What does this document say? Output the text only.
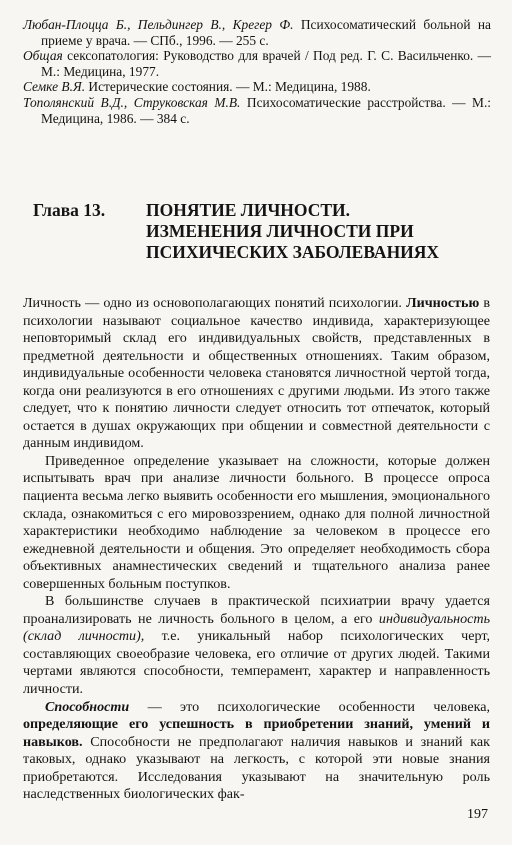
Любан-Плоцца Б., Пельдингер В., Крегер Ф. Психосоматический больной на приеме у врача. — СПб., 1996. — 255 с.

Общая сексопатология: Руководство для врачей / Под ред. Г. С. Васильченко. — М.: Медицина, 1977.

Семке В.Я. Истерические состояния. — М.: Медицина, 1988.

Тополянский В.Д., Струковская М.В. Психосоматические расстройства. — М.: Медицина, 1986. — 384 с.

Глава 13. ПОНЯТИЕ ЛИЧНОСТИ.
ИЗМЕНЕНИЯ ЛИЧНОСТИ ПРИ
ПСИХИЧЕСКИХ ЗАБОЛЕВАНИЯХ

Личность — одно из основополагающих понятий психологии. Личностью в психологии называют социальное качество индивида, характеризующее неповторимый склад его индивидуальных свойств, представленных в предметной деятельности и общественных отношениях. Таким образом, индивидуальные особенности человека становятся личностной чертой тогда, когда они реализуются в его отношениях с другими людьми. Из этого также следует, что к понятию личности следует относить тот отпечаток, который остается в душах окружающих при общении и совместной деятельности с данным индивидом.

Приведенное определение указывает на сложности, которые должен испытывать врач при анализе личности больного. В процессе опроса пациента весьма легко выявить особенности его мышления, эмоционального склада, ознакомиться с его мировоззрением, однако для полной личностной характеристики необходимо наблюдение за человеком в процессе его ежедневной деятельности и общения. Это определяет необходимость сбора объективных анамнестических сведений и тщательного анализа ранее совершенных больным поступков.

В большинстве случаев в практической психиатрии врачу удается проанализировать не личность больного в целом, а его индивидуальность (склад личности), т.е. уникальный набор психологических черт, составляющих своеобразие человека, его отличие от других людей. Такими чертами являются способности, темперамент, характер и направленность личности.

Способности — это психологические особенности человека, определяющие его успешность в приобретении знаний, умений и навыков. Способности не предполагают наличия навыков и знаний как таковых, однако указывают на легкость, с которой эти новые знания приобретаются. Исследования указывают на значительную роль наследственных биологических фак-

197
